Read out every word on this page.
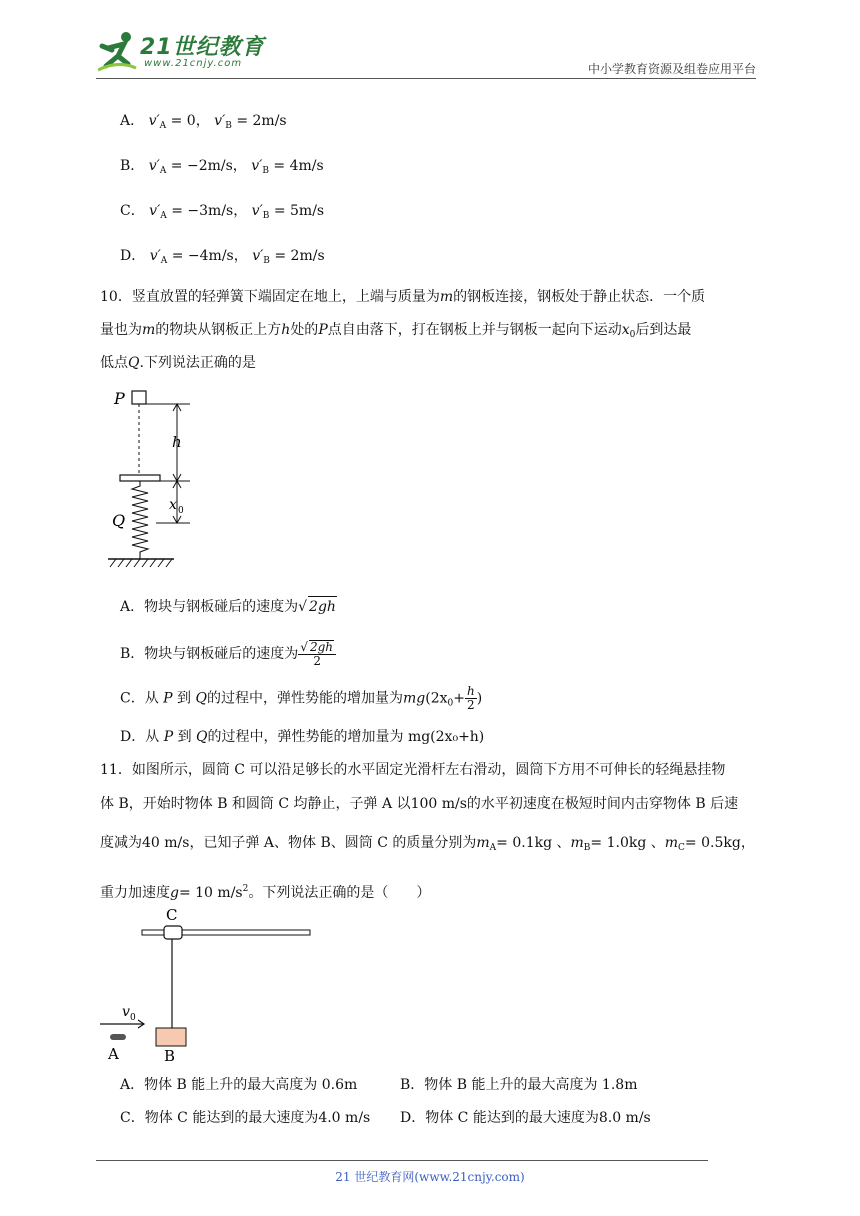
21世纪教育
www.21cnjy.com	中小学教育资源及组卷应用平台
A． $v'_A = 0$， $v'_B = 2m/s$
B． $v'_A = -2m/s$， $v'_B = 4m/s$
C． $v'_A = -3m/s$， $v'_B = 5m/s$
D． $v'_A = -4m/s$， $v'_B = 2m/s$
10．竖直放置的轻弹簧下端固定在地上，上端与质量为m的钢板连接，钢板处于静止状态．一个质
量也为m的物块从钢板正上方h处的P点自由落下，打在钢板上并与钢板一起向下运动$x_0$后到达最
低点Q.下列说法正确的是
P
h
x 0
Q
A．物块与钢板碰后的速度为√ 2gh
B．物块与钢板碰后的速度为 $\frac{√ 2gh}{2}$
C．从 P 到 Q的过程中，弹性势能的增加量为$mg(2x_0+ \frac{h}{2}$ )
D．从 P 到 Q的过程中，弹性势能的增加量为 mg(2x₀+h)
11．如图所示，圆筒 C 可以沿足够长的水平固定光滑杆左右滑动，圆筒下方用不可伸长的轻绳悬挂物
体 B，开始时物体 B 和圆筒 C 均静止，子弹 A 以100 m/s的水平初速度在极短时间内击穿物体 B 后速
度减为40 m/s，已知子弹 A、物体 B、圆筒 C 的质量分别为$m_A= 0.1kg$ 、$m_B= 1.0kg$ 、$m_C= 0.5kg$，
重力加速度g= 10 $m/s^2$。下列说法正确的是（　　）
C
B
v 0
A
A．物体 B 能上升的最大高度为 0.6m	B．物体 B 能上升的最大高度为 1.8m
C．物体 C 能达到的最大速度为4.0 m/s D．物体 C 能达到的最大速度为8.0 m/s
21 世纪教育网(www.21cnjy.com)
